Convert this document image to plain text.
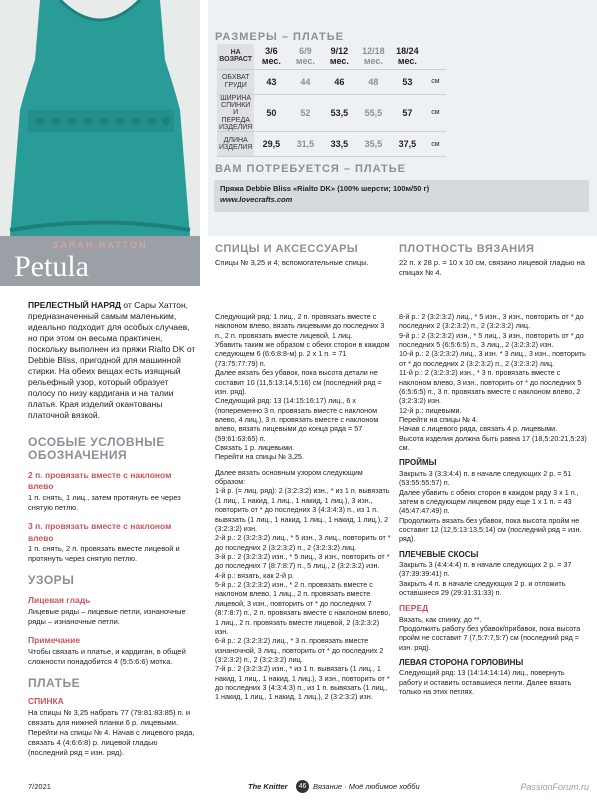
РАЗМЕРЫ – ПЛАТЬЕ
НА ВОЗРАСТ	3/6 мес.	6/9 мес.	9/12 мес.	12/18 мес.	18/24 мес.	
ОБХВАТ ГРУДИ	43	44	46	48	53	см
ШИРИНА СПИНКИ И ПЕРЕДА ИЗДЕЛИЯ	50	52	53,5	55,5	57	см
ДЛИНА ИЗДЕЛИЯ	29,5	31,5	33,5	35,5	37,5	см
ВАМ ПОТРЕБУЕТСЯ – ПЛАТЬЕ
Пряжа Debbie Bliss «Rialto DK» (100% шерсти; 100м/50 г)
www.lovecrafts.com
SARAH HATTON
Petula
СПИЦЫ И АКСЕССУАРЫ
Спицы № 3,25 и 4; вспомогательные спицы.
ПЛОТНОСТЬ ВЯЗАНИЯ
22 п. х 28 р. = 10 х 10 см, связано лицевой гладью на спицах № 4.
ПРЕЛЕСТНЫЙ НАРЯД от Сары Хаттон, предназначенный самым маленьким, идеально подходит для особых случаев, но при этом он весьма практичен, поскольку выполнен из пряжи Rialto DK от Debbie Bliss, пригодной для машинной стирки. На обеих вещах есть изящный рельефный узор, который образует полосу по низу кардигана и на талии платья. Края изделий окантованы платочной вязкой.
ОСОБЫЕ УСЛОВНЫЕ ОБОЗНАЧЕНИЯ
2 п. провязать вместе с наклоном влево
1 п. снять, 1 лиц., затем протянуть ее через снятую петлю.
3 п. провязать вместе с наклоном влево
1 п. снять, 2 п. провязать вместе лицевой и протянуть через снятую петлю.
УЗОРЫ
Лицевая гладь
Лицевые ряды – лицевые петли, изнаночные ряды – изнаночные петли.
Примечание
Чтобы связать и платье, и кардиган, в общей сложности понадобится 4 (5:5:6:6) мотка.
ПЛАТЬЕ
СПИНКА
На спицы № 3,25 набрать 77 (79:81:83:85) п. и связать для нижней планки 6 р. лицевыми. Перейти на спицы № 4. Начав с лицевого ряда, связать 4 (4:6:6:8) р. лицевой гладью (последний ряд = изн. ряд).
Следующий ряд: 1 лиц., 2 п. провязать вместе с наклоном влево, вязать лицевыми до последних 3 п., 2 п. провязать вместе лицевой, 1 лиц.
Убавить таким же образом с обеих сторон в каждом следующем 6 (6:6:8:8-м) р. 2 x 1 п. = 71 (73:75:77:79) п.
Далее вязать без убавок, пока высота детали не составит 10 (11,5:13:14,5:16) см (последний ряд = изн. ряд).
Следующий ряд: 13 (14:15:16:17) лиц., 6 x (попеременно 3 п. провязать вместе с наклоном влево, 4 лиц.), 3 п. провязать вместе с наклоном влево, вязать лицевыми до конца ряда = 57 (59:61:63:65) п.
Связать 1 р. лицевыми.
Перейти на спицы № 3,25.
Далее вязать основным узором следующим образом:
1-й р. (= лиц. ряд): 2 (3:2:3:2) изн., * из 1 п. вывязать (1 лиц., 1 накид, 1 лиц., 1 накид, 1 лиц.), 3 изн., повторить от * до последних 3 (4:3:4:3) п., из 1 п. вывязать (1 лиц., 1 накид, 1 лиц., 1 накид, 1 лиц.), 2 (3:2:3:2) изн.
2-й р.: 2 (3:2:3:2) лиц., * 5 изн., 3 лиц., повторить от * до последних 2 (3:2:3:2) п., 2 (3:2:3:2) лиц.
3-й р.: 2 (3:2:3:2) изн., * 5 лиц., 3 изн., повторить от * до последних 7 (8:7:8:7) п., 5 лиц., 2 (3:2:3:2) изн.
4-й р.: вязать, как 2-й р.
5-й р.: 2 (3:2:3:2) изн., * 2 п. провязать вместе с наклоном влево, 1 лиц., 2 п. провязать вместе лицевой, 3 изн., повторить от * до последних 7 (8:7:8:7) п., 2 п. провязать вместе с наклоном влево, 1 лиц., 2 п. провязать вместе лицевой, 2 (3:2:3:2) изн.
6-й р.: 2 (3:2:3:2) лиц., * 3 п. провязать вместе изнаночной, 3 лиц., повторить от * до последних 2 (3:2:3:2) п., 2 (3:2:3:2) лиц.
7-й р.: 2 (3:2:3:2) изн., * из 1 п. вывязать (1 лиц., 1 накид, 1 лиц., 1 накид, 1 лиц.), 3 изн., повторить от * до последних 3 (4:3:4:3) п., из 1 п. вывязать (1 лиц., 1 накид, 1 лиц., 1 накид, 1 лиц.), 2 (3:2:3:2) изн.
8-й р.: 2 (3:2:3:2) лиц., * 5 изн., 3 изн., повторить от * до последних 2 (3:2:3:2) п., 2 (3:2:3:2) лиц.
9-й р.: 2 (3:2:3:2) изн., * 5 лиц., 3 изн., повторить от * до последних 5 (6:5:6:5) п., 3 лиц., 2 (3:2:3:2) изн.
10-й р.: 2 (3:2:3:2) лиц., 3 изн. * 3 лиц., 3 изн., повторить от * до последних 2 (3:2:3:2) п., 2 (3:2:3:2) лиц.
11-й р.: 2 (3:2:3:2) изн., * 3 п. провязать вместе с наклоном влево, 3 изн., повторить от * до последних 5 (6:5:6:5) п., 3 п. провязать вместе с наклоном влево, 2 (3:2:3:2) изн.
12-й р.: лицевыми.
Перейти на спицы № 4.
Начав с лицевого ряда, связать 4 р. лицевыми.
Высота изделия должна быть равна 17 (18,5:20:21,5:23) см.
ПРОЙМЫ
Закрыть 3 (3:3:4:4) п. в начале следующих 2 р. = 51 (53:55:55:57) п.
Далее убавить с обеих сторон в каждом ряду 3 x 1 п., затем в следующем лицевом ряду еще 1 x 1 п. = 43 (45:47:47:49) п.
Продолжить вязать без убавок, пока высота пройм не составит 12 (12,5:13:13,5:14) см (последний ряд = изн. ряд).
ПЛЕЧЕВЫЕ СКОСЫ
Закрыть 3 (4:4:4:4) п. в начале следующих 2 р. = 37 (37:39:39:41) п.
Закрыть 4 п. в начале следующих 2 р. и отложить оставшиеся 29 (29:31:31:33) п.
ПЕРЕД
Вязать, как спинку, до **.
Продолжить работу без убавок/прибавок, пока высота пройм не составит 7 (7,5:7:7,5:7) см (последний ряд = изн. ряд).
ЛЕВАЯ СТОРОНА ГОРЛОВИНЫ
Следующий ряд: 13 (14:14:14:14) лиц., повернуть работу и оставить оставшиеся петли. Далее вязать только на этих петлях.
7/2021	The Knitter	46 Вязание · Моё любимое хобби	PassionForum.ru
